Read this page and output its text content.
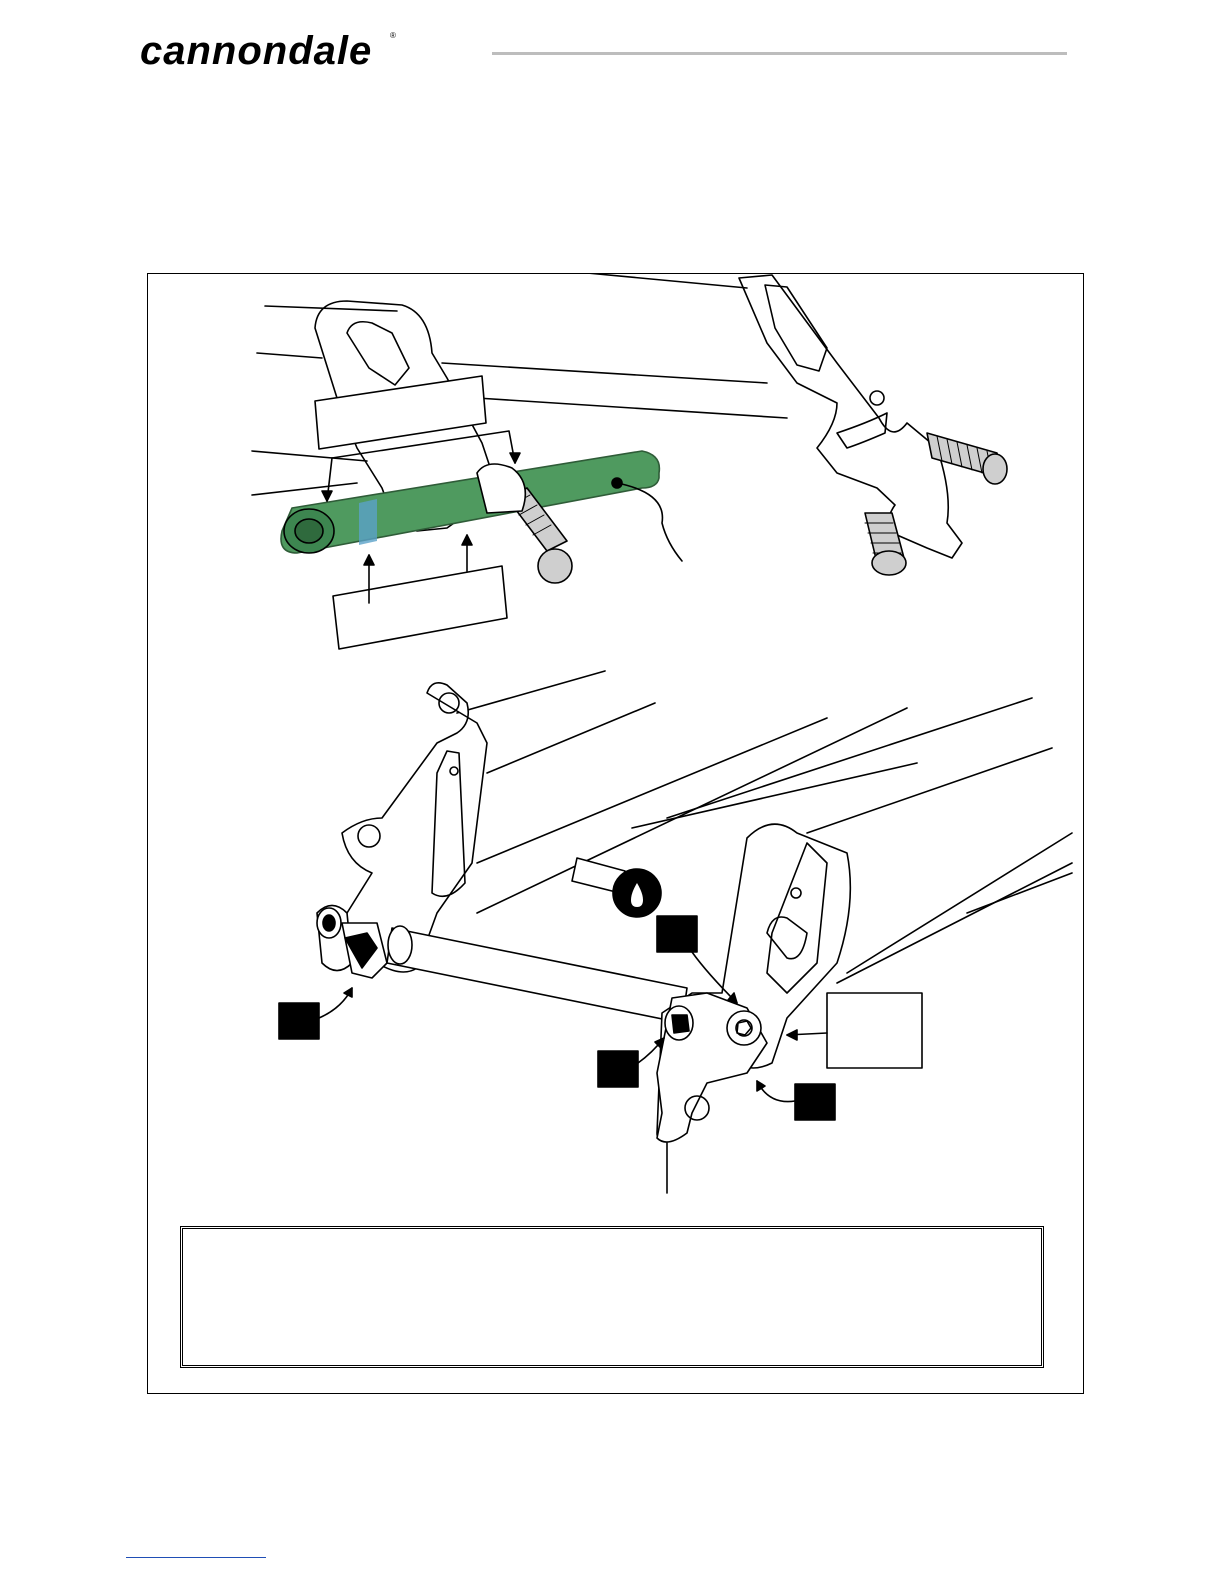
cannondale ®
